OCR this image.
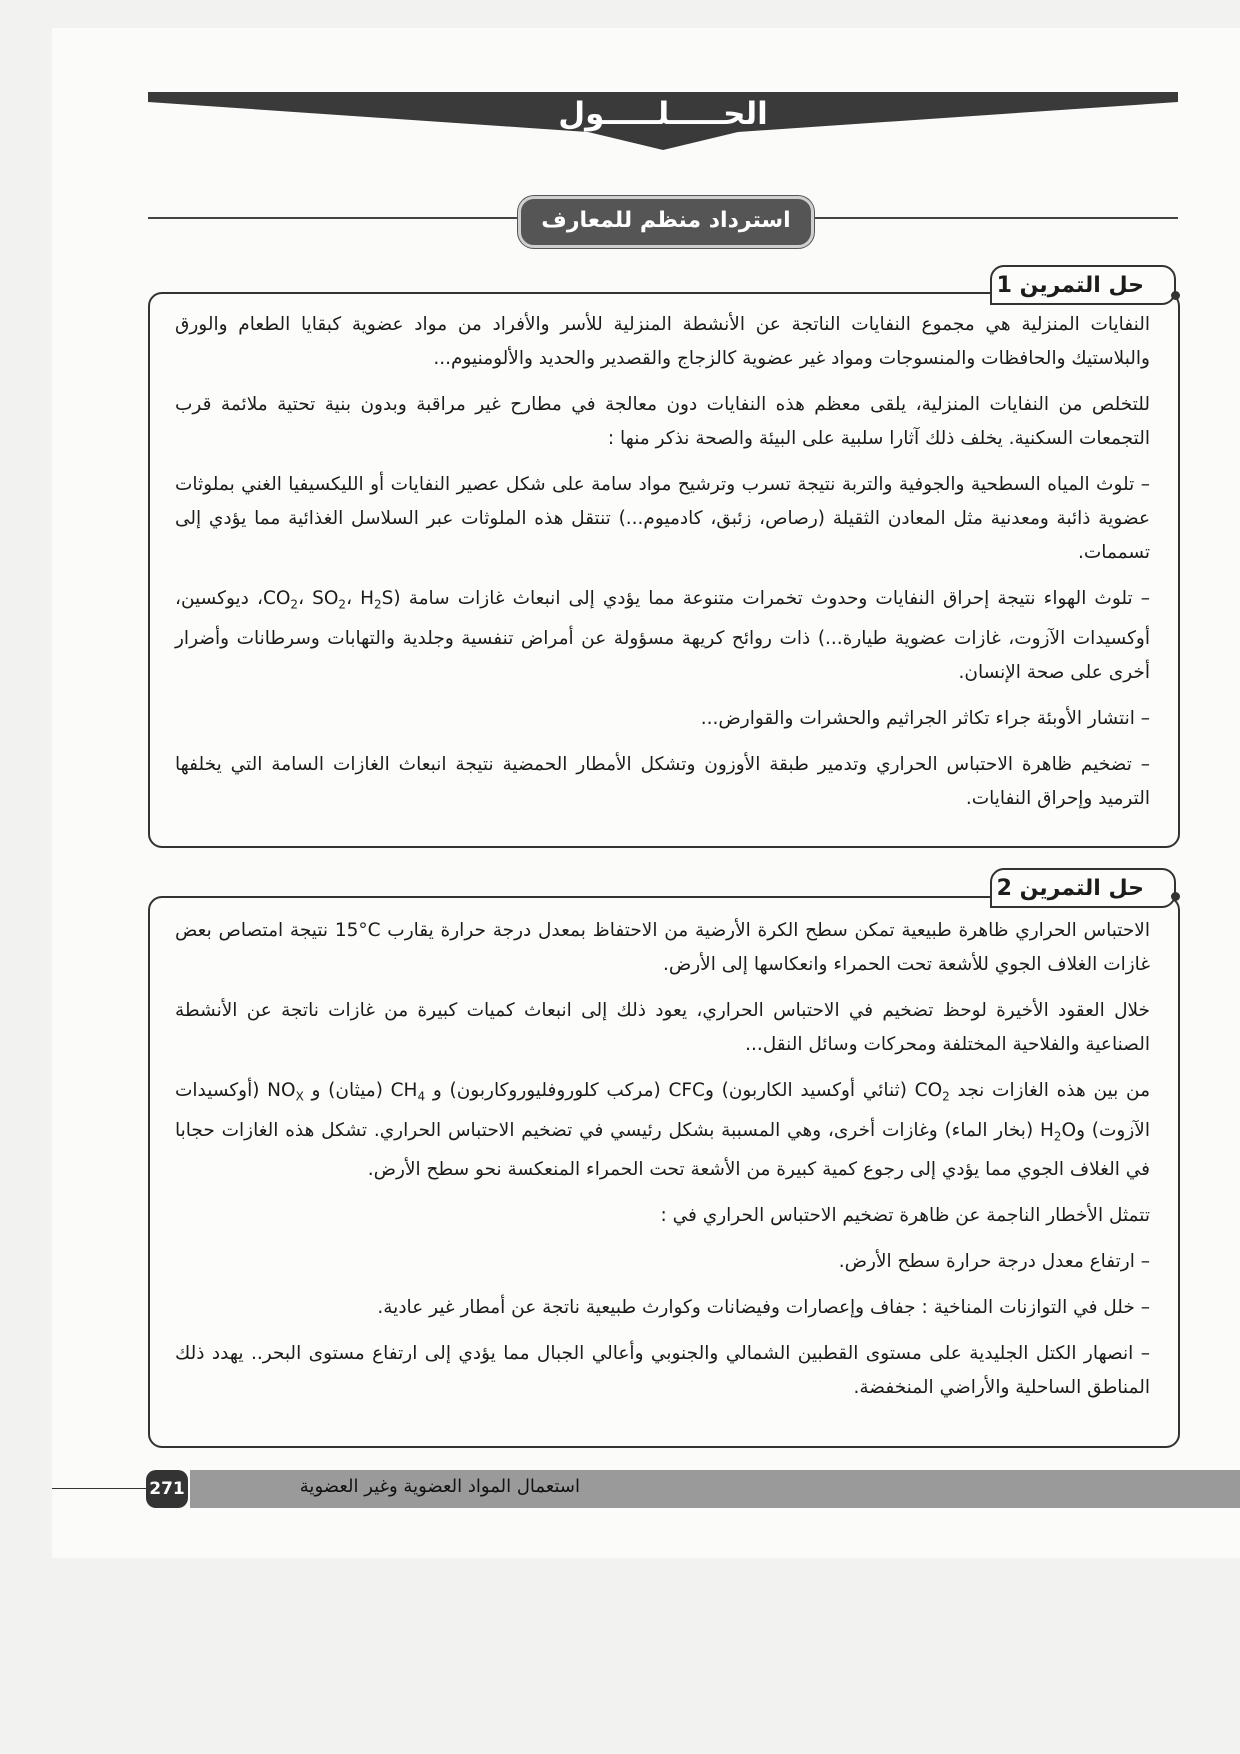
الحـــــلـــــول
استرداد منظم للمعارف
حل التمرين 1

النفايات المنزلية هي مجموع النفايات الناتجة عن الأنشطة المنزلية للأسر والأفراد من مواد عضوية كبقايا الطعام والورق والبلاستيك والحافظات والمنسوجات ومواد غير عضوية كالزجاج والقصدير والحديد والألومنيوم...

للتخلص من النفايات المنزلية، يلقى معظم هذه النفايات دون معالجة في مطارح غير مراقبة وبدون بنية تحتية ملائمة قرب التجمعات السكنية. يخلف ذلك آثارا سلبية على البيئة والصحة نذكر منها :

– تلوث المياه السطحية والجوفية والتربة نتيجة تسرب وترشيح مواد سامة على شكل عصير النفايات أو الليكسيفيا الغني بملوثات عضوية ذائبة ومعدنية مثل المعادن الثقيلة (رصاص، زئبق، كادميوم...) تنتقل هذه الملوثات عبر السلاسل الغذائية مما يؤدي إلى تسممات.

– تلوث الهواء نتيجة إحراق النفايات وحدوث تخمرات متنوعة مما يؤدي إلى انبعاث غازات سامة ($CO_2،$ $SO_2،$ $H_2S،$ ديوكسين، أوكسيدات الآزوت، غازات عضوية طيارة...) ذات روائح كريهة مسؤولة عن أمراض تنفسية وجلدية والتهابات وسرطانات وأضرار أخرى على صحة الإنسان.

– انتشار الأوبئة جراء تكاثر الجراثيم والحشرات والقوارض...

– تضخيم ظاهرة الاحتباس الحراري وتدمير طبقة الأوزون وتشكل الأمطار الحمضية نتيجة انبعاث الغازات السامة التي يخلفها الترميد وإحراق النفايات.

حل التمرين 2

الاحتباس الحراري ظاهرة طبيعية تمكن سطح الكرة الأرضية من الاحتفاظ بمعدل درجة حرارة يقارب 15°C نتيجة امتصاص بعض غازات الغلاف الجوي للأشعة تحت الحمراء وانعكاسها إلى الأرض.

خلال العقود الأخيرة لوحظ تضخيم في الاحتباس الحراري، يعود ذلك إلى انبعاث كميات كبيرة من غازات ناتجة عن الأنشطة الصناعية والفلاحية المختلفة ومحركات وسائل النقل...

من بين هذه الغازات نجد $CO_2$ (ثنائي أوكسيد الكاربون) وCFC (مركب كلوروفليوروكاربون) و $CH_4$ (ميثان) و $NO_X$ (أوكسيدات الآزوت) وH$_2$O (بخار الماء) وغازات أخرى، وهي المسببة بشكل رئيسي في تضخيم الاحتباس الحراري. تشكل هذه الغازات حجابا في الغلاف الجوي مما يؤدي إلى رجوع كمية كبيرة من الأشعة تحت الحمراء المنعكسة نحو سطح الأرض.

تتمثل الأخطار الناجمة عن ظاهرة تضخيم الاحتباس الحراري في :

– ارتفاع معدل درجة حرارة سطح الأرض.

– خلل في التوازنات المناخية : جفاف وإعصارات وفيضانات وكوارث طبيعية ناتجة عن أمطار غير عادية.

– انصهار الكتل الجليدية على مستوى القطبين الشمالي والجنوبي وأعالي الجبال مما يؤدي إلى ارتفاع مستوى البحر.. يهدد ذلك المناطق الساحلية والأراضي المنخفضة.

271	استعمال المواد العضوية وغير العضوية
